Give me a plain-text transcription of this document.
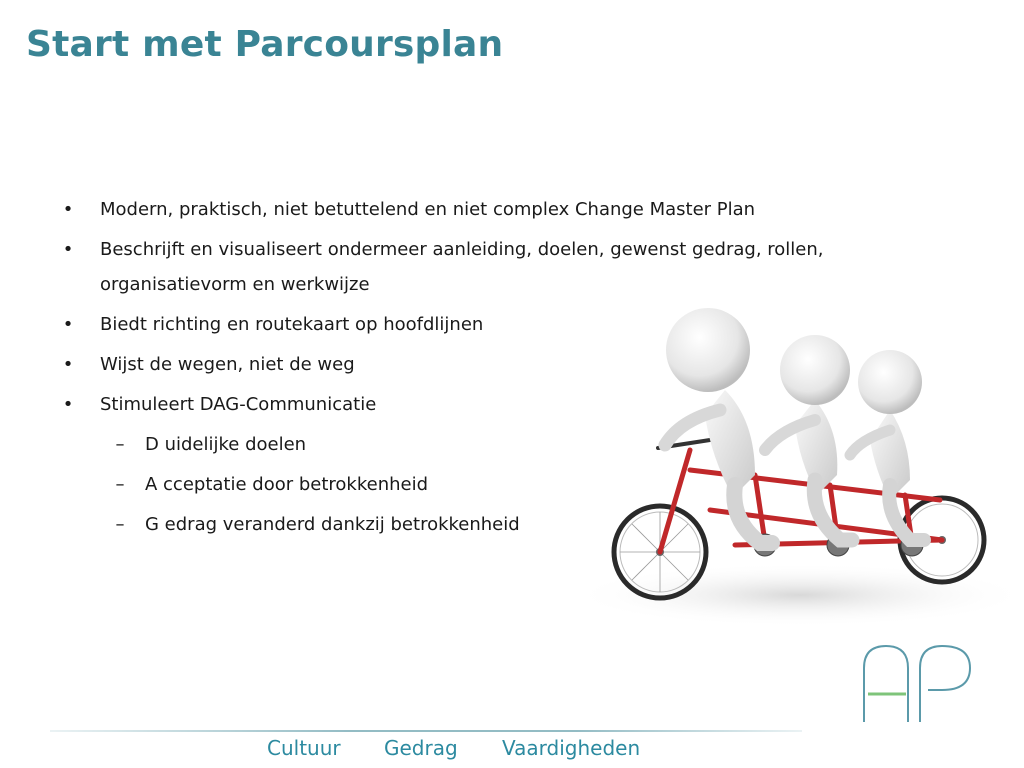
Start met Parcoursplan
• Modern, praktisch, niet betuttelend en niet complex Change Master Plan
• Beschrijft en visualiseert ondermeer aanleiding, doelen, gewenst gedrag, rollen, organisatievorm en werkwijze
• Biedt richting en routekaart op hoofdlijnen
• Wijst de wegen, niet de weg
• Stimuleert DAG-Communicatie
–	D uidelijke doelen
–	A cceptatie door betrokkenheid
–	G edrag veranderd dankzij betrokkenheid
Cultuur Gedrag Vaardigheden
